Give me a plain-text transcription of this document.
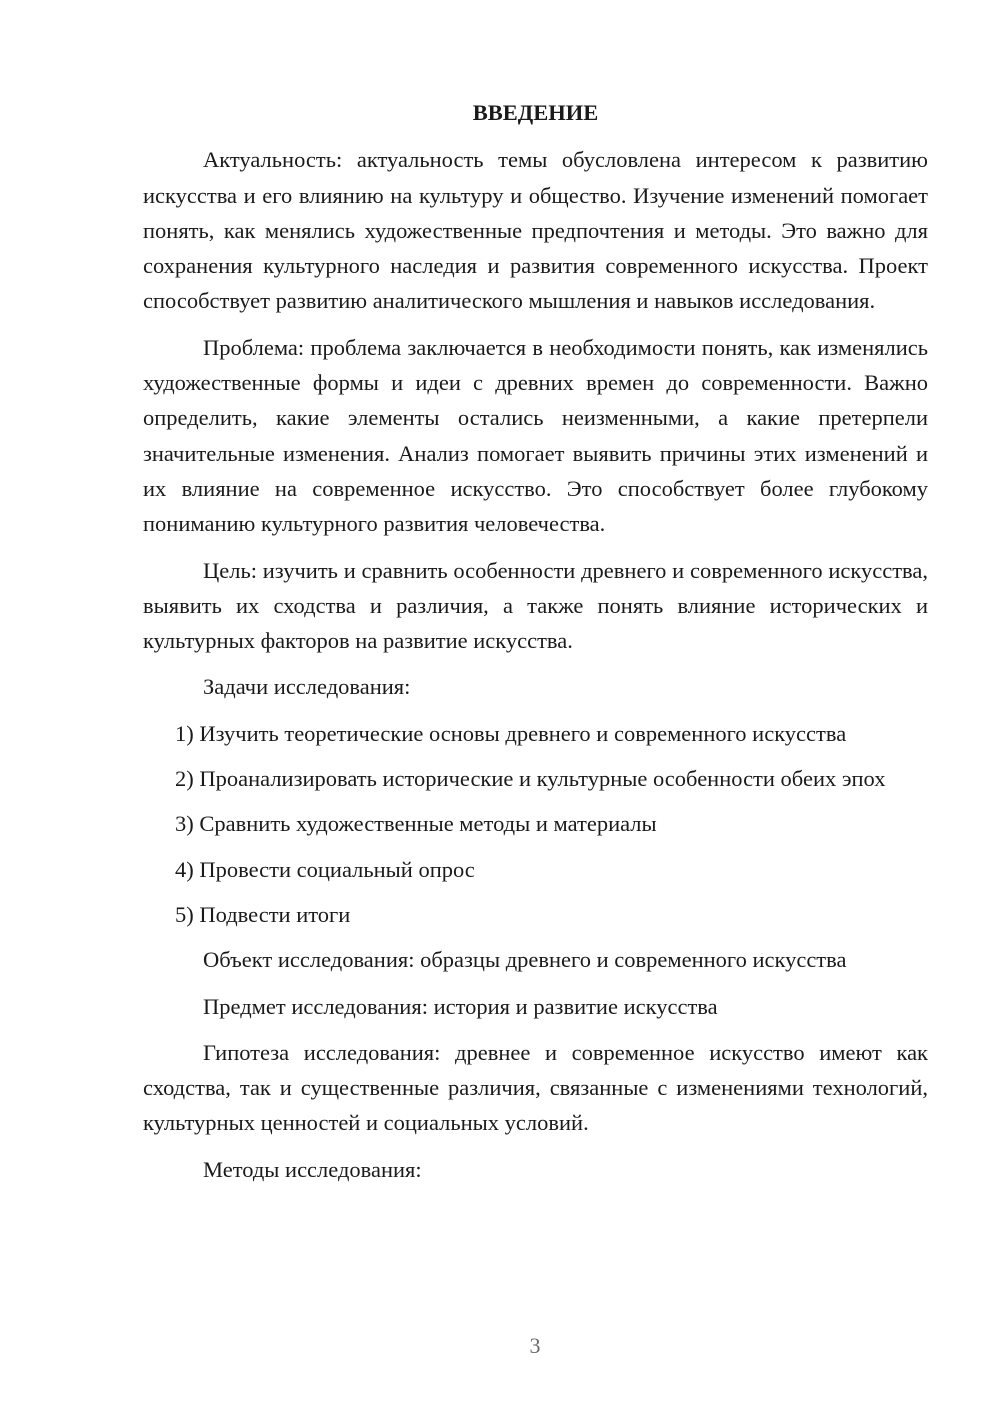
ВВЕДЕНИЕ

Актуальность: актуальность темы обусловлена интересом к развитию искусства и его влиянию на культуру и общество. Изучение изменений помогает понять, как менялись художественные предпочтения и методы. Это важно для сохранения культурного наследия и развития современного искусства. Проект способствует развитию аналитического мышления и навыков исследования.

Проблема: проблема заключается в необходимости понять, как изменялись художественные формы и идеи с древних времен до современности. Важно определить, какие элементы остались неизменными, а какие претерпели значительные изменения. Анализ помогает выявить причины этих изменений и их влияние на современное искусство. Это способствует более глубокому пониманию культурного развития человечества.

Цель: изучить и сравнить особенности древнего и современного искусства, выявить их сходства и различия, а также понять влияние исторических и культурных факторов на развитие искусства.

Задачи исследования:

1) Изучить теоретические основы древнего и современного искусства

2) Проанализировать исторические и культурные особенности обеих эпох

3) Сравнить художественные методы и материалы

4) Провести социальный опрос

5) Подвести итоги

Объект исследования: образцы древнего и современного искусства

Предмет исследования: история и развитие искусства

Гипотеза исследования: древнее и современное искусство имеют как сходства, так и существенные различия, связанные с изменениями технологий, культурных ценностей и социальных условий.

Методы исследования:

3
